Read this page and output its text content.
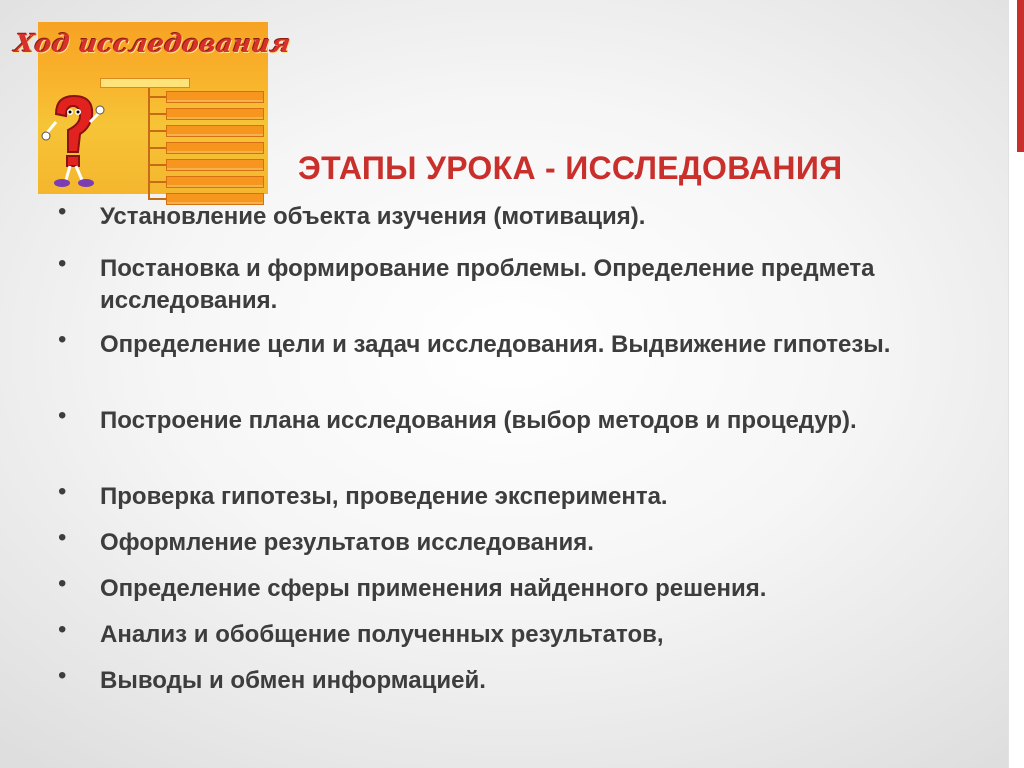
Ход исследования
ЭТАПЫ УРОКА - ИССЛЕДОВАНИЯ
• Установление объекта изучения (мотивация).
• Постановка и формирование проблемы. Определение предмета исследования.
• Определение цели и задач исследования. Выдвижение гипотезы.
• Построение плана исследования (выбор методов и процедур).
• Проверка гипотезы, проведение эксперимента.
• Оформление результатов исследования.
• Определение сферы применения найденного решения.
• Анализ и обобщение полученных результатов,
• Выводы и обмен информацией.
